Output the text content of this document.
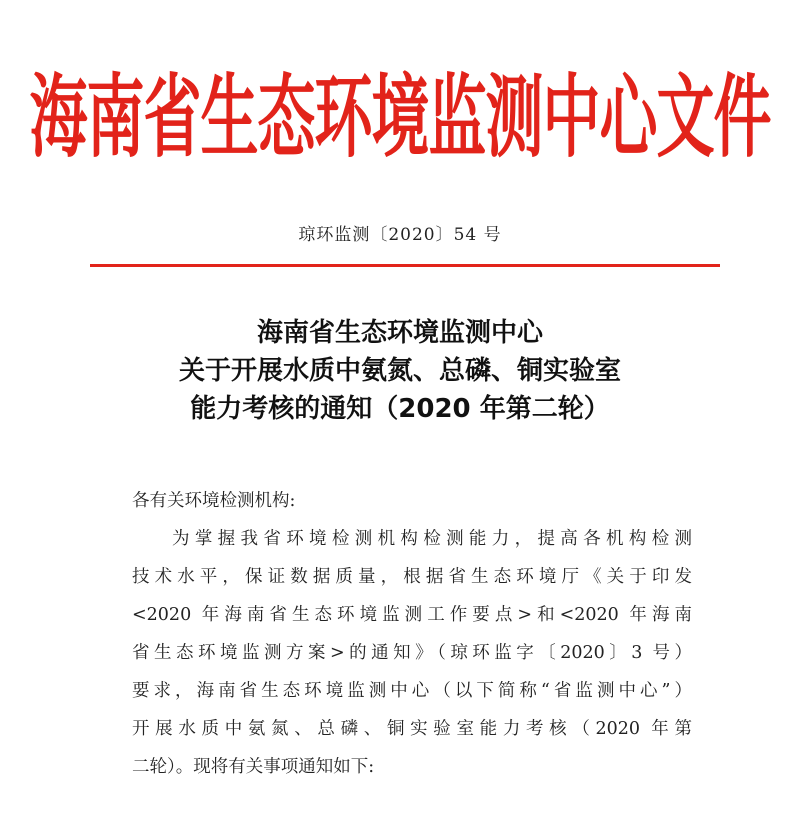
海南省生态环境监测中心文件
琼环监测〔2020〕54 号
海南省生态环境监测中心
关于开展水质中氨氮、总磷、铜实验室
能力考核的通知（2020 年第二轮）
各有关环境检测机构:
为掌握我省环境检测机构检测能力，提高各机构检测
技术水平，保证数据质量，根据省生态环境厅《关于印发
<2020 年海南省生态环境监测工作要点>和<2020 年海南
省生态环境监测方案>的通知》（琼环监字〔2020〕3 号）
要求，海南省生态环境监测中心（以下简称“省监测中心”）
开展水质中氨氮、总磷、铜实验室能力考核（2020 年第
二轮）。现将有关事项通知如下:
